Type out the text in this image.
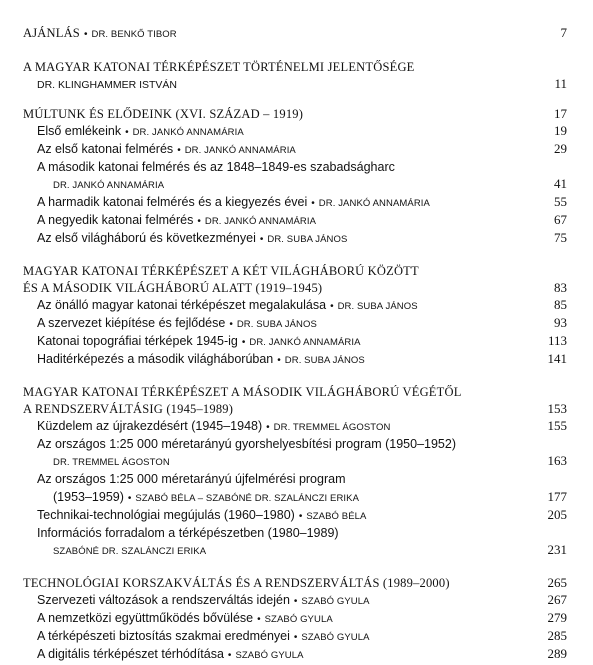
AJÁNLÁS • DR. BENKŐ TIBOR	7
A MAGYAR KATONAI TÉRKÉPÉSZET TÖRTÉNELMI JELENTŐSÉGE
DR. KLINGHAMMER ISTVÁN	11
MÚLTUNK ÉS ELŐDEINK (XVI. SZÁZAD – 1919)	17
Első emlékeink • DR. JANKÓ ANNAMÁRIA	19
Az első katonai felmérés • DR. JANKÓ ANNAMÁRIA	29
A második katonai felmérés és az 1848–1849-es szabadságharc
DR. JANKÓ ANNAMÁRIA	41
A harmadik katonai felmérés és a kiegyezés évei • DR. JANKÓ ANNAMÁRIA	55
A negyedik katonai felmérés • DR. JANKÓ ANNAMÁRIA	67
Az első világháború és következményei • DR. SUBA JÁNOS	75
MAGYAR KATONAI TÉRKÉPÉSZET A KÉT VILÁGHÁBORÚ KÖZÖTT
ÉS A MÁSODIK VILÁGHÁBORÚ ALATT (1919–1945)	83
Az önálló magyar katonai térképészet megalakulása • DR. SUBA JÁNOS	85
A szervezet kiépítése és fejlődése • DR. SUBA JÁNOS	93
Katonai topográfiai térképek 1945-ig • DR. JANKÓ ANNAMÁRIA	113
Haditérképezés a második világháborúban • DR. SUBA JÁNOS	141
MAGYAR KATONAI TÉRKÉPÉSZET A MÁSODIK VILÁGHÁBORÚ VÉGÉTŐL
A RENDSZERVÁLTÁSIG (1945–1989)	153
Küzdelem az újrakezdésért (1945–1948) • DR. TREMMEL ÁGOSTON	155
Az országos 1:25 000 méretarányú gyorshelyesbítési program (1950–1952)
DR. TREMMEL ÁGOSTON	163
Az országos 1:25 000 méretarányú újfelmérési program
(1953–1959) • SZABÓ BÉLA – SZABÓNÉ DR. SZALÁNCZI ERIKA	177
Technikai-technológiai megújulás (1960–1980) • SZABÓ BÉLA	205
Információs forradalom a térképészetben (1980–1989)
SZABÓNÉ DR. SZALÁNCZI ERIKA	231
TECHNOLÓGIAI KORSZAKVÁLTÁS ÉS A RENDSZERVÁLTÁS (1989–2000)	265
Szervezeti változások a rendszerváltás idején • SZABÓ GYULA	267
A nemzetközi együttműködés bővülése • SZABÓ GYULA	279
A térképészeti biztosítás szakmai eredményei • SZABÓ GYULA	285
A digitális térképészet térhódítása • SZABÓ GYULA	289
